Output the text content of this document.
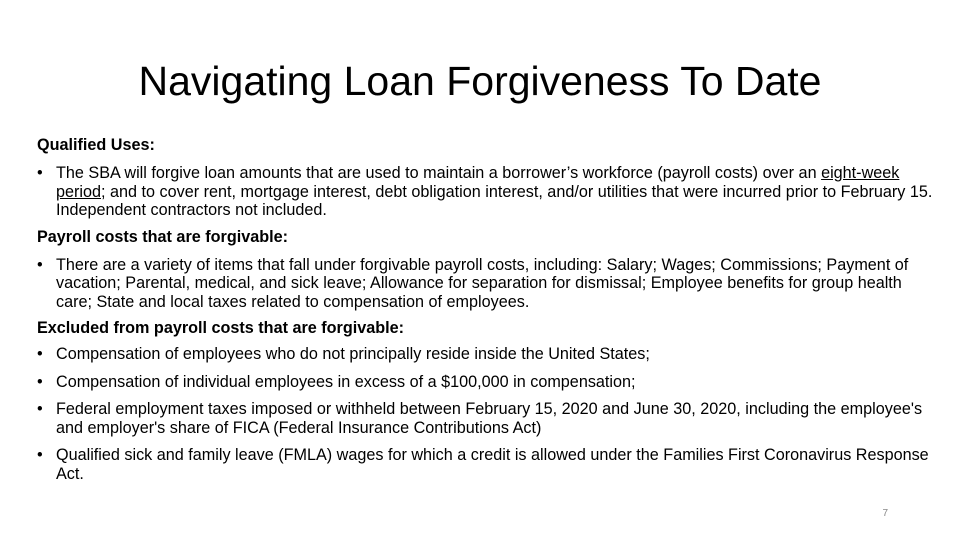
Navigating Loan Forgiveness To Date

Qualified Uses:

• The SBA will forgive loan amounts that are used to maintain a borrower’s workforce (payroll costs) over an eight-week period; and to cover rent, mortgage interest, debt obligation interest, and/or utilities that were incurred prior to February 15. Independent contractors not included.

Payroll costs that are forgivable:

• There are a variety of items that fall under forgivable payroll costs, including: Salary; Wages; Commissions; Payment of vacation; Parental, medical, and sick leave; Allowance for separation for dismissal; Employee benefits for group health care; State and local taxes related to compensation of employees.

Excluded from payroll costs that are forgivable:

• Compensation of employees who do not principally reside inside the United States;
• Compensation of individual employees in excess of a $100,000 in compensation;
• Federal employment taxes imposed or withheld between February 15, 2020 and June 30, 2020, including the employee's and employer's share of FICA (Federal Insurance Contributions Act)
• Qualified sick and family leave (FMLA) wages for which a credit is allowed under the Families First Coronavirus Response Act.
7
